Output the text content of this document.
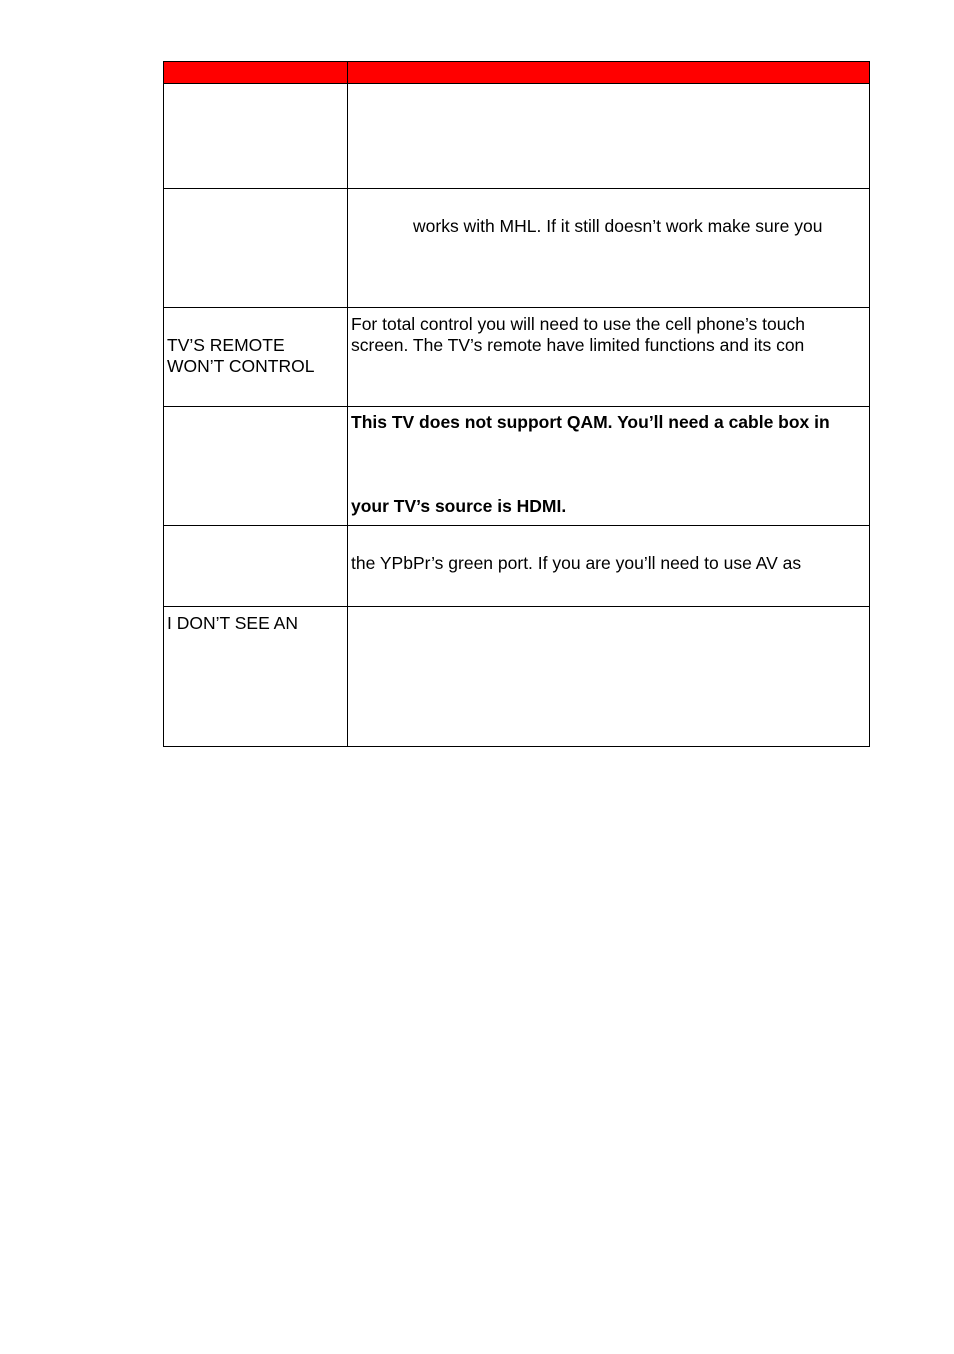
works with MHL. If it still doesn’t work make sure you
TV’S REMOTE
WON’T CONTROL
For total control you will need to use the cell phone’s touch
screen. The TV’s remote have limited functions and its con
This TV does not support QAM. You’ll need a cable box in
your TV’s source is HDMI.
the YPbPr’s green port. If you are you’ll need to use AV as
I DON’T SEE AN
